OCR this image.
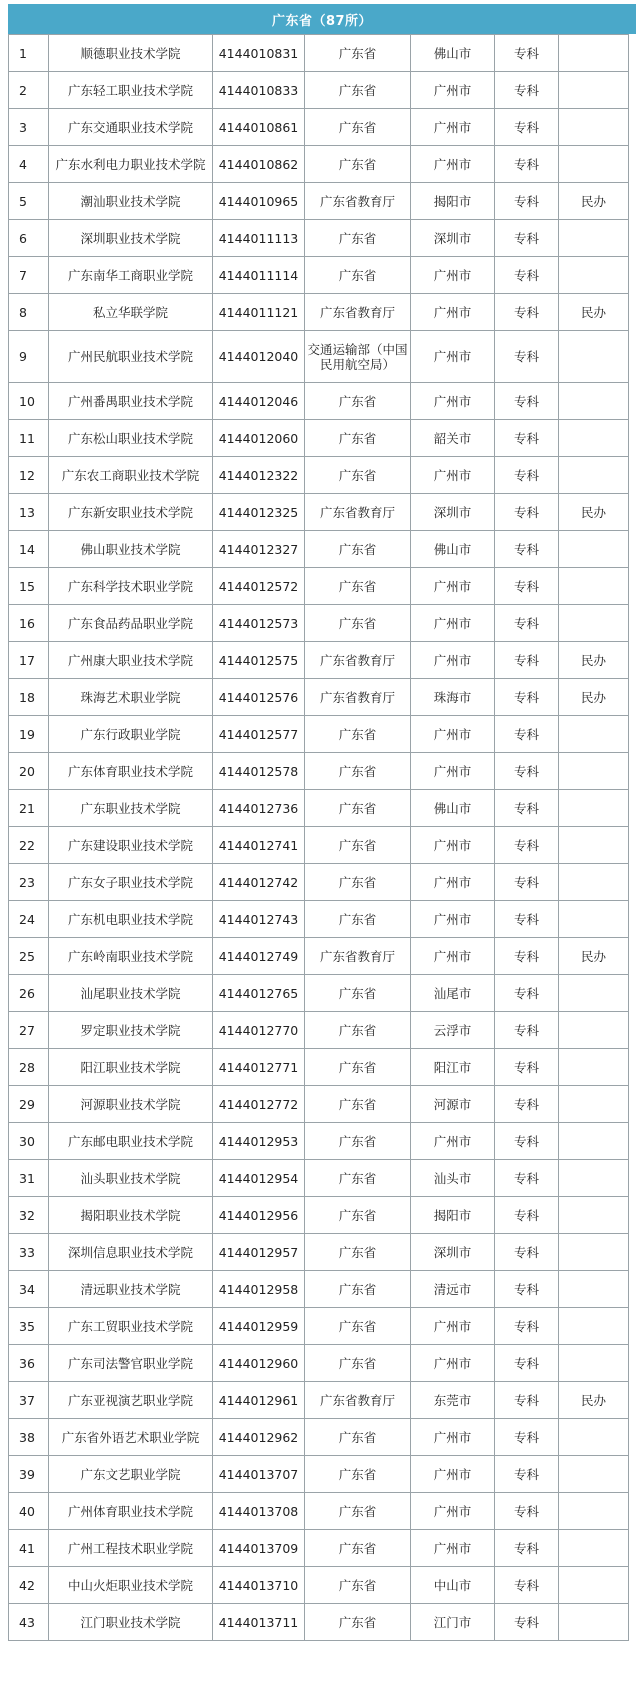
广东省（87所）
1	顺德职业技术学院	4144010831	广东省	佛山市	专科	
2	广东轻工职业技术学院	4144010833	广东省	广州市	专科	
3	广东交通职业技术学院	4144010861	广东省	广州市	专科	
4	广东水利电力职业技术学院	4144010862	广东省	广州市	专科	
5	潮汕职业技术学院	4144010965	广东省教育厅	揭阳市	专科	民办
6	深圳职业技术学院	4144011113	广东省	深圳市	专科	
7	广东南华工商职业学院	4144011114	广东省	广州市	专科	
8	私立华联学院	4144011121	广东省教育厅	广州市	专科	民办
9	广州民航职业技术学院	4144012040	交通运输部（中国民用航空局）	广州市	专科	
10	广州番禺职业技术学院	4144012046	广东省	广州市	专科	
11	广东松山职业技术学院	4144012060	广东省	韶关市	专科	
12	广东农工商职业技术学院	4144012322	广东省	广州市	专科	
13	广东新安职业技术学院	4144012325	广东省教育厅	深圳市	专科	民办
14	佛山职业技术学院	4144012327	广东省	佛山市	专科	
15	广东科学技术职业学院	4144012572	广东省	广州市	专科	
16	广东食品药品职业学院	4144012573	广东省	广州市	专科	
17	广州康大职业技术学院	4144012575	广东省教育厅	广州市	专科	民办
18	珠海艺术职业学院	4144012576	广东省教育厅	珠海市	专科	民办
19	广东行政职业学院	4144012577	广东省	广州市	专科	
20	广东体育职业技术学院	4144012578	广东省	广州市	专科	
21	广东职业技术学院	4144012736	广东省	佛山市	专科	
22	广东建设职业技术学院	4144012741	广东省	广州市	专科	
23	广东女子职业技术学院	4144012742	广东省	广州市	专科	
24	广东机电职业技术学院	4144012743	广东省	广州市	专科	
25	广东岭南职业技术学院	4144012749	广东省教育厅	广州市	专科	民办
26	汕尾职业技术学院	4144012765	广东省	汕尾市	专科	
27	罗定职业技术学院	4144012770	广东省	云浮市	专科	
28	阳江职业技术学院	4144012771	广东省	阳江市	专科	
29	河源职业技术学院	4144012772	广东省	河源市	专科	
30	广东邮电职业技术学院	4144012953	广东省	广州市	专科	
31	汕头职业技术学院	4144012954	广东省	汕头市	专科	
32	揭阳职业技术学院	4144012956	广东省	揭阳市	专科	
33	深圳信息职业技术学院	4144012957	广东省	深圳市	专科	
34	清远职业技术学院	4144012958	广东省	清远市	专科	
35	广东工贸职业技术学院	4144012959	广东省	广州市	专科	
36	广东司法警官职业学院	4144012960	广东省	广州市	专科	
37	广东亚视演艺职业学院	4144012961	广东省教育厅	东莞市	专科	民办
38	广东省外语艺术职业学院	4144012962	广东省	广州市	专科	
39	广东文艺职业学院	4144013707	广东省	广州市	专科	
40	广州体育职业技术学院	4144013708	广东省	广州市	专科	
41	广州工程技术职业学院	4144013709	广东省	广州市	专科	
42	中山火炬职业技术学院	4144013710	广东省	中山市	专科	
43	江门职业技术学院	4144013711	广东省	江门市	专科	
